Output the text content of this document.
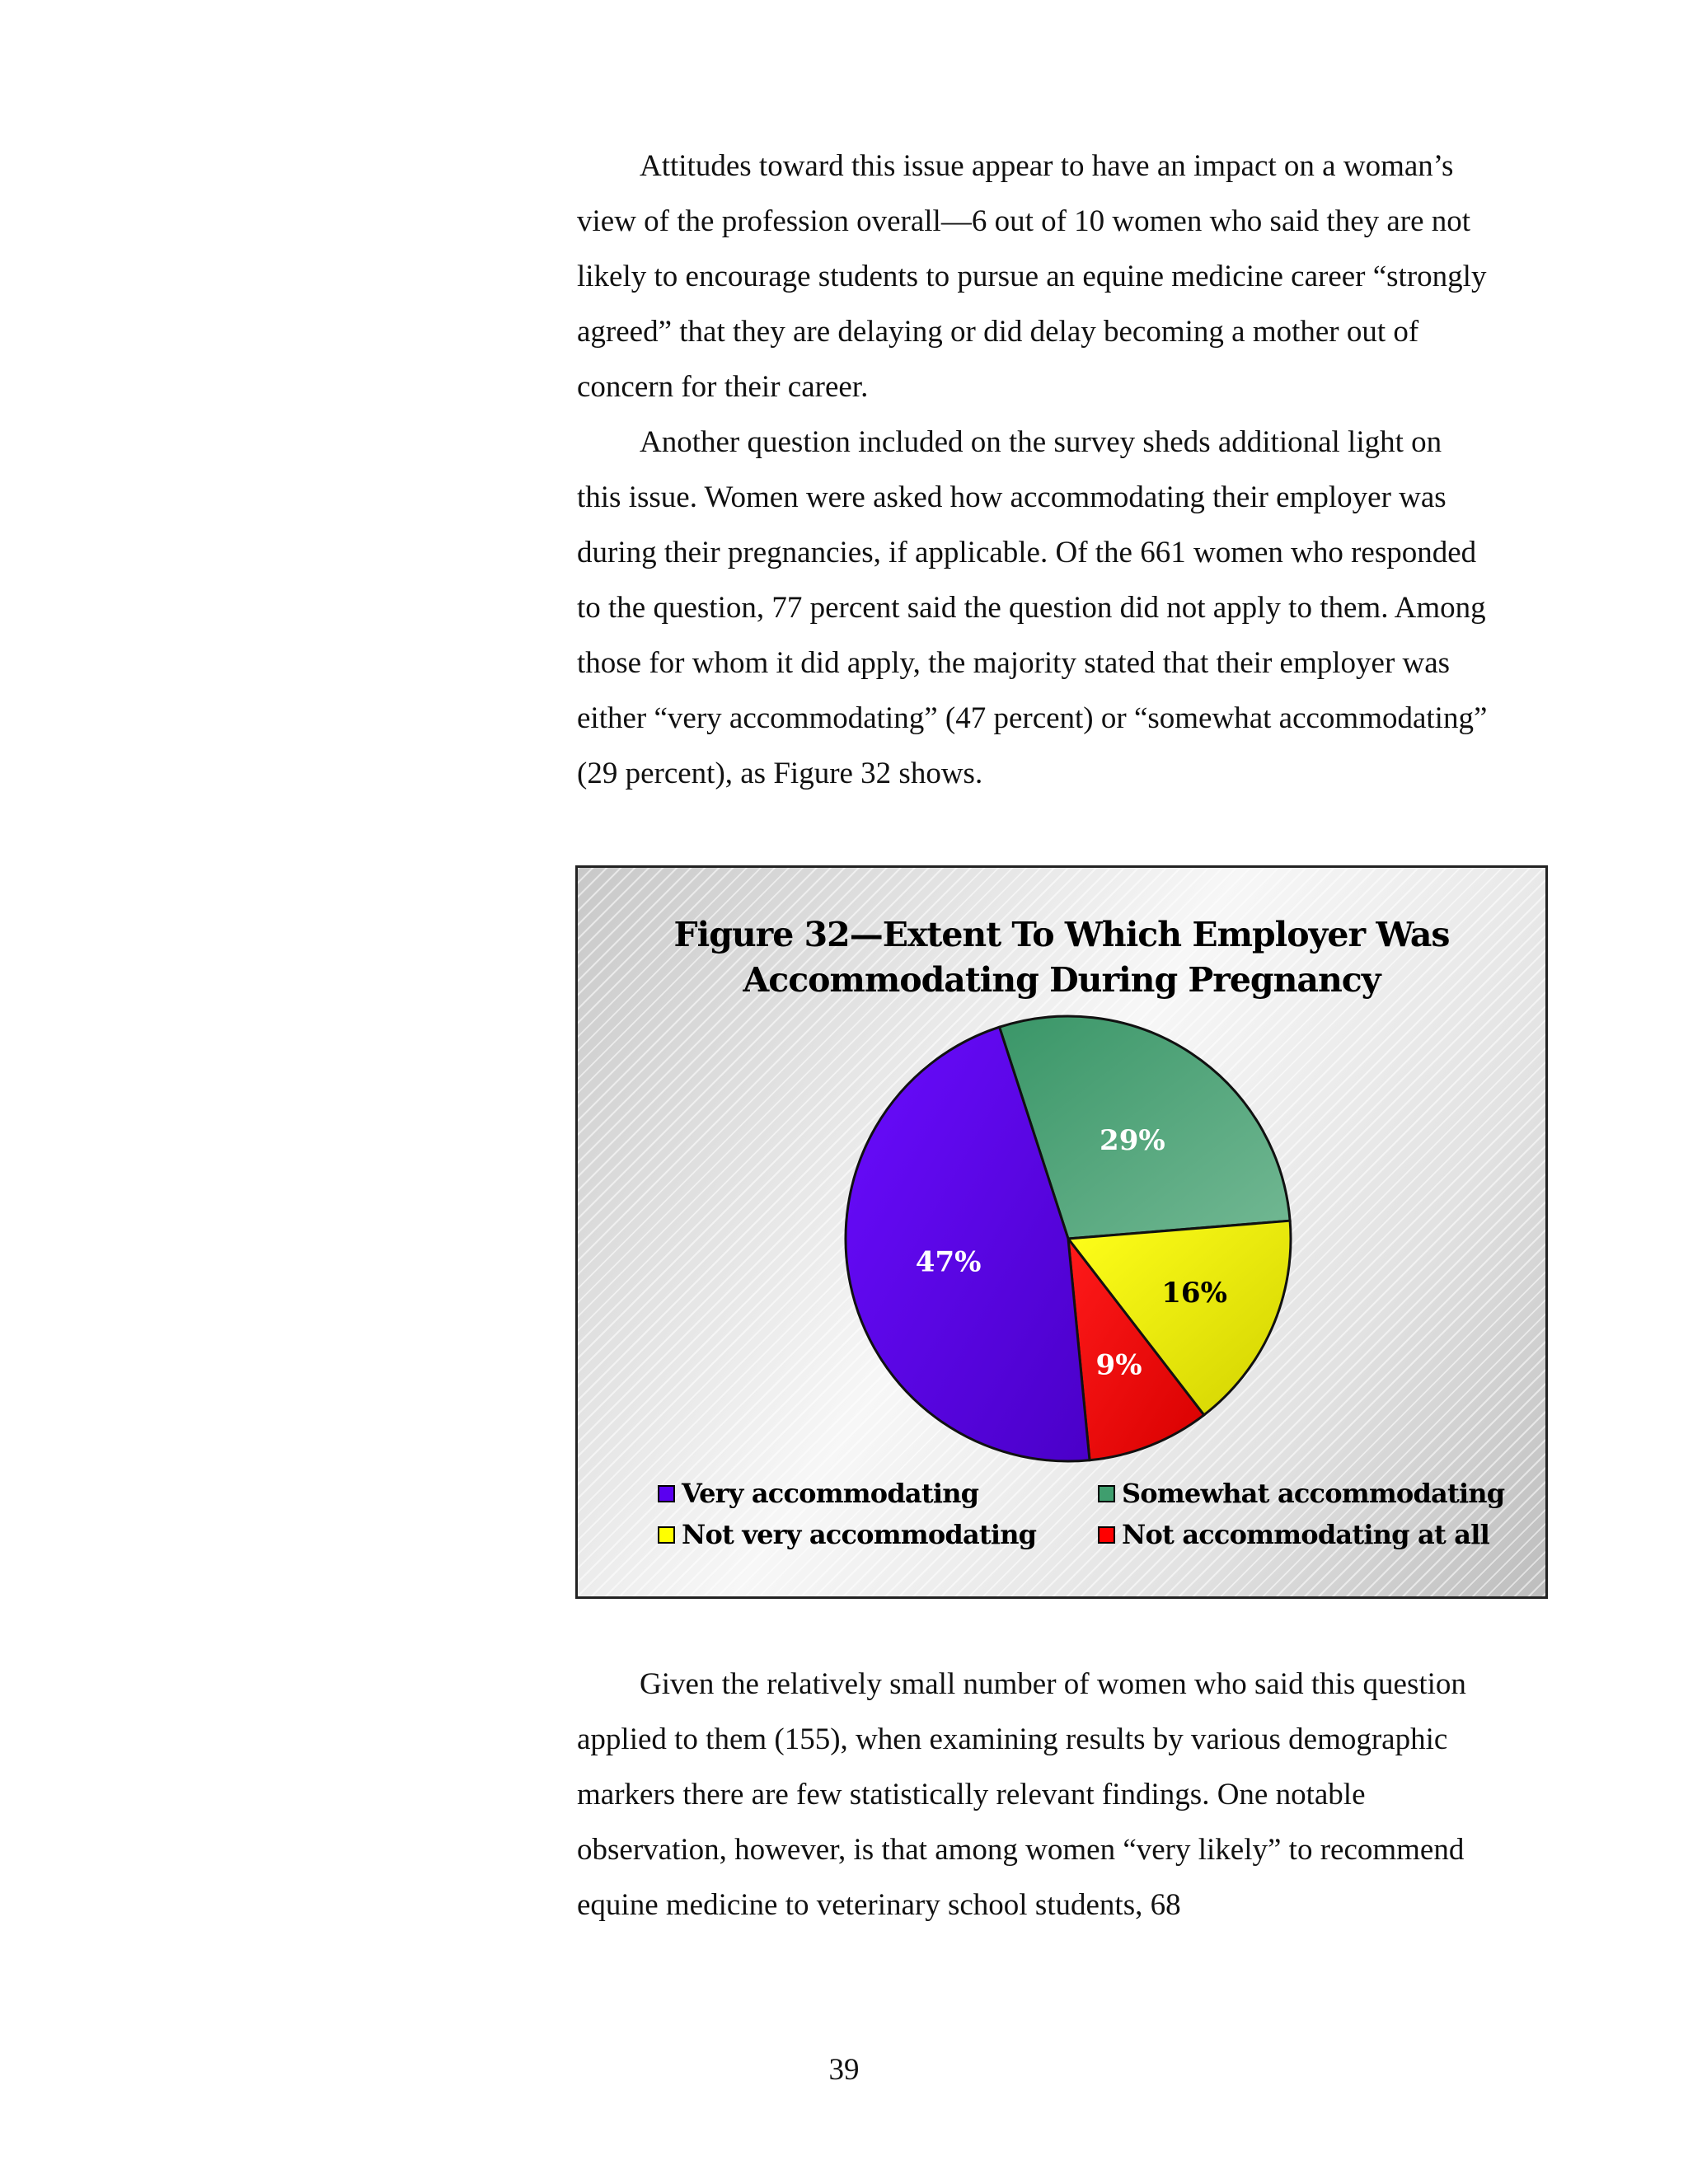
Attitudes toward this issue appear to have an impact on a woman’s view of the profession overall—6 out of 10 women who said they are not likely to encourage students to pursue an equine medicine career “strongly agreed” that they are delaying or did delay becoming a mother out of concern for their career.

Another question included on the survey sheds additional light on this issue. Women were asked how accommodating their employer was during their pregnancies, if applicable. Of the 661 women who responded to the question, 77 percent said the question did not apply to them. Among those for whom it did apply, the majority stated that their employer was either “very accommodating” (47 percent) or “somewhat accommodating” (29 percent), as Figure 32 shows.

Figure 32—Extent To Which Employer Was
Accommodating During Pregnancy
29%
16%
9%
47%
Very accommodating	Somewhat accommodating
Not very accommodating	Not accommodating at all

Given the relatively small number of women who said this question applied to them (155), when examining results by various demographic markers there are few statistically relevant findings. One notable observation, however, is that among women “very likely” to recommend equine medicine to veterinary school students, 68

39
